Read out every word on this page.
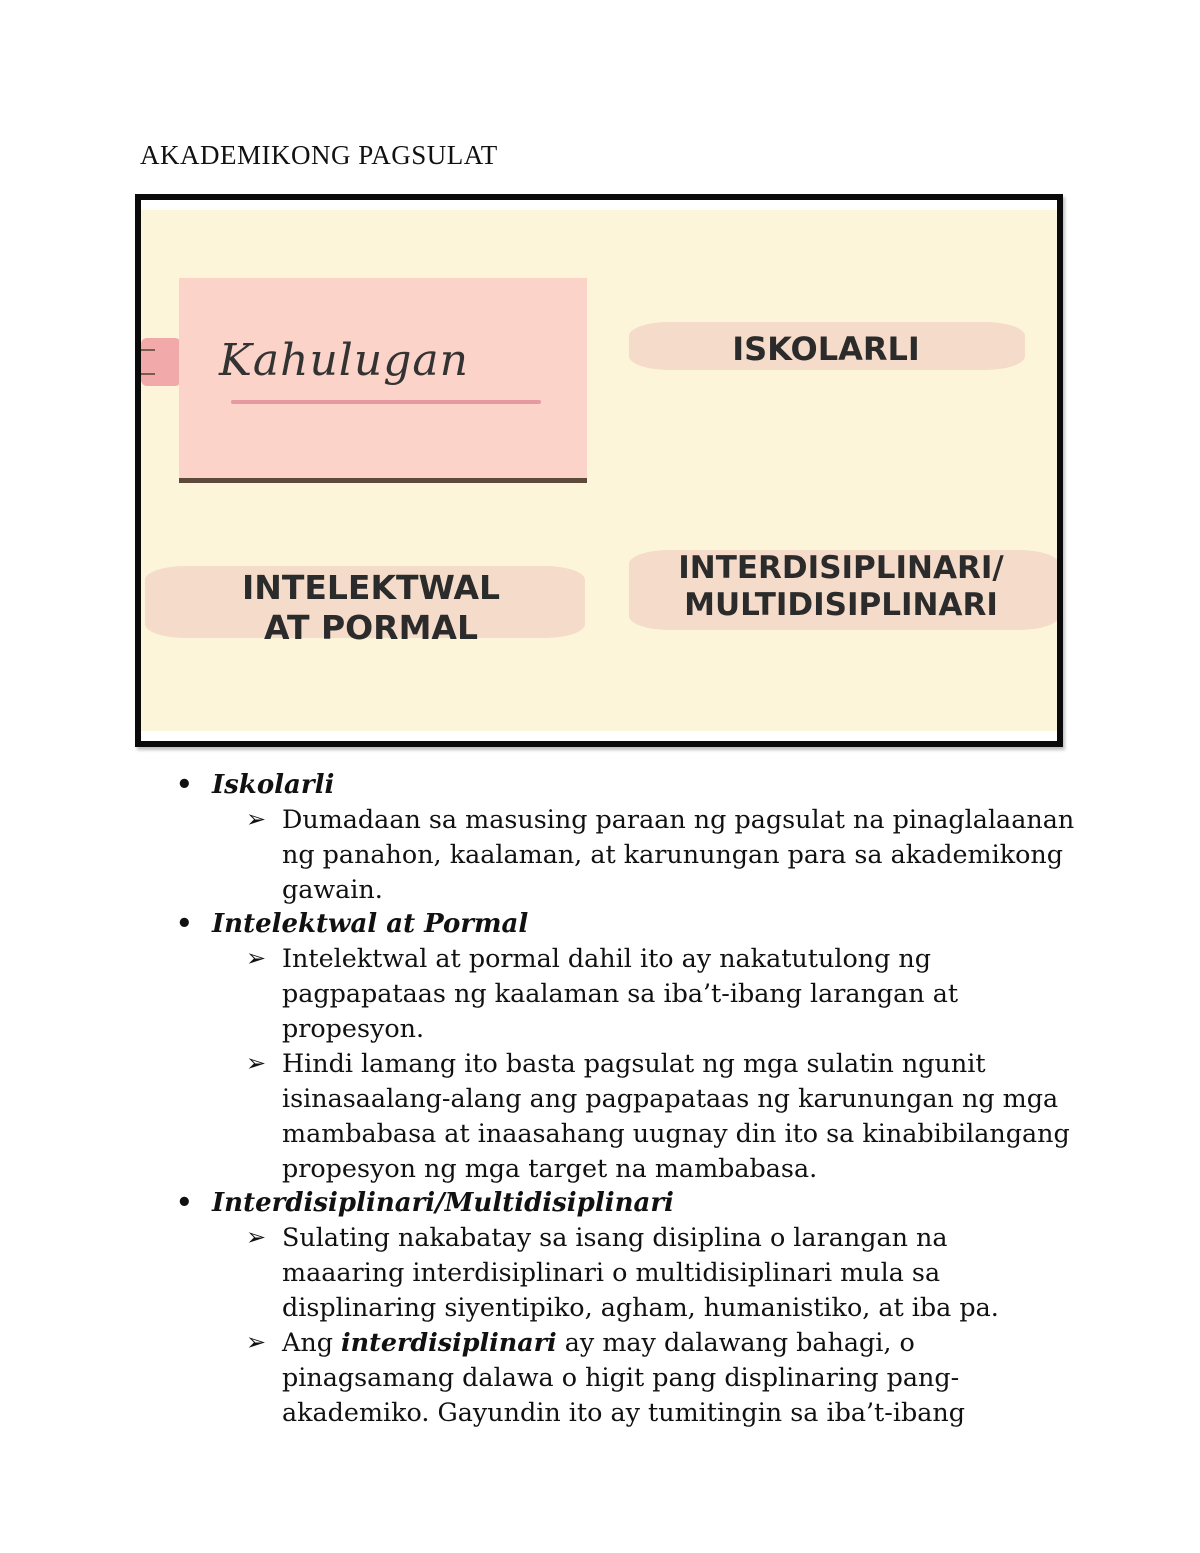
AKADEMIKONG PAGSULAT
Kahulugan	ISKOLARLI
INTELEKTWAL
AT PORMAL
INTERDISIPLINARI/
MULTIDISIPLINARI
• Iskolarli
➢ Dumadaan sa masusing paraan ng pagsulat na pinaglalaanan ng panahon, kaalaman, at karunungan para sa akademikong gawain.
• Intelektwal at Pormal
➢ Intelektwal at pormal dahil ito ay nakatutulong ng pagpapataas ng kaalaman sa iba’t-ibang larangan at propesyon.
➢ Hindi lamang ito basta pagsulat ng mga sulatin ngunit isinasaalang-alang ang pagpapataas ng karunungan ng mga mambabasa at inaasahang uugnay din ito sa kinabibilangang propesyon ng mga target na mambabasa.
• Interdisiplinari/Multidisiplinari
➢ Sulating nakabatay sa isang disiplina o larangan na maaaring interdisiplinari o multidisiplinari mula sa displinaring siyentipiko, agham, humanistiko, at iba pa.
➢ Ang interdisiplinari ay may dalawang bahagi, o pinagsamang dalawa o higit pang displinaring pang-akademiko. Gayundin ito ay tumitingin sa iba’t-ibang
